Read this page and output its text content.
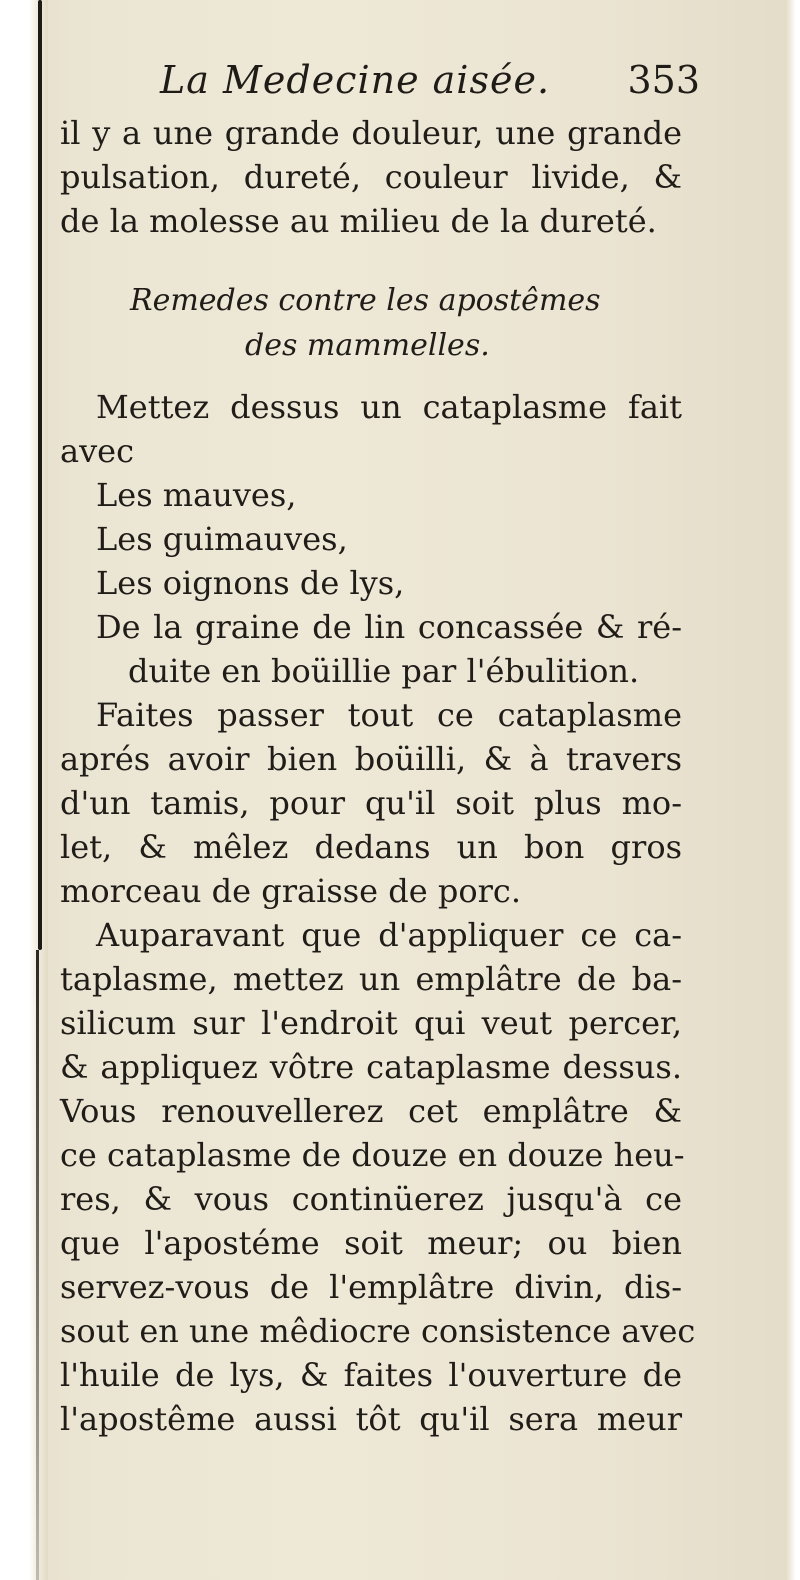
La Medecine aisée. 353
il y a une grande douleur, une grande
pulsation, dureté, couleur livide, &
de la molesse au milieu de la dureté.
Remedes contre les apostêmes
des mammelles.
Mettez dessus un cataplasme fait
avec
Les mauves,
Les guimauves,
Les oignons de lys,
De la graine de lin concassée & ré-
duite en boüillie par l'ébulition.
Faites passer tout ce cataplasme
aprés avoir bien boüilli, & à travers
d'un tamis, pour qu'il soit plus mo-
let, & mêlez dedans un bon gros
morceau de graisse de porc.
Auparavant que d'appliquer ce ca-
taplasme, mettez un emplâtre de ba-
silicum sur l'endroit qui veut percer,
& appliquez vôtre cataplasme dessus.
Vous renouvellerez cet emplâtre &
ce cataplasme de douze en douze heu-
res, & vous continüerez jusqu'à ce
que l'apostéme soit meur; ou bien
servez-vous de l'emplâtre divin, dis-
sout en une mêdiocre consistence avec
l'huile de lys, & faites l'ouverture de
l'apostême aussi tôt qu'il sera meur
